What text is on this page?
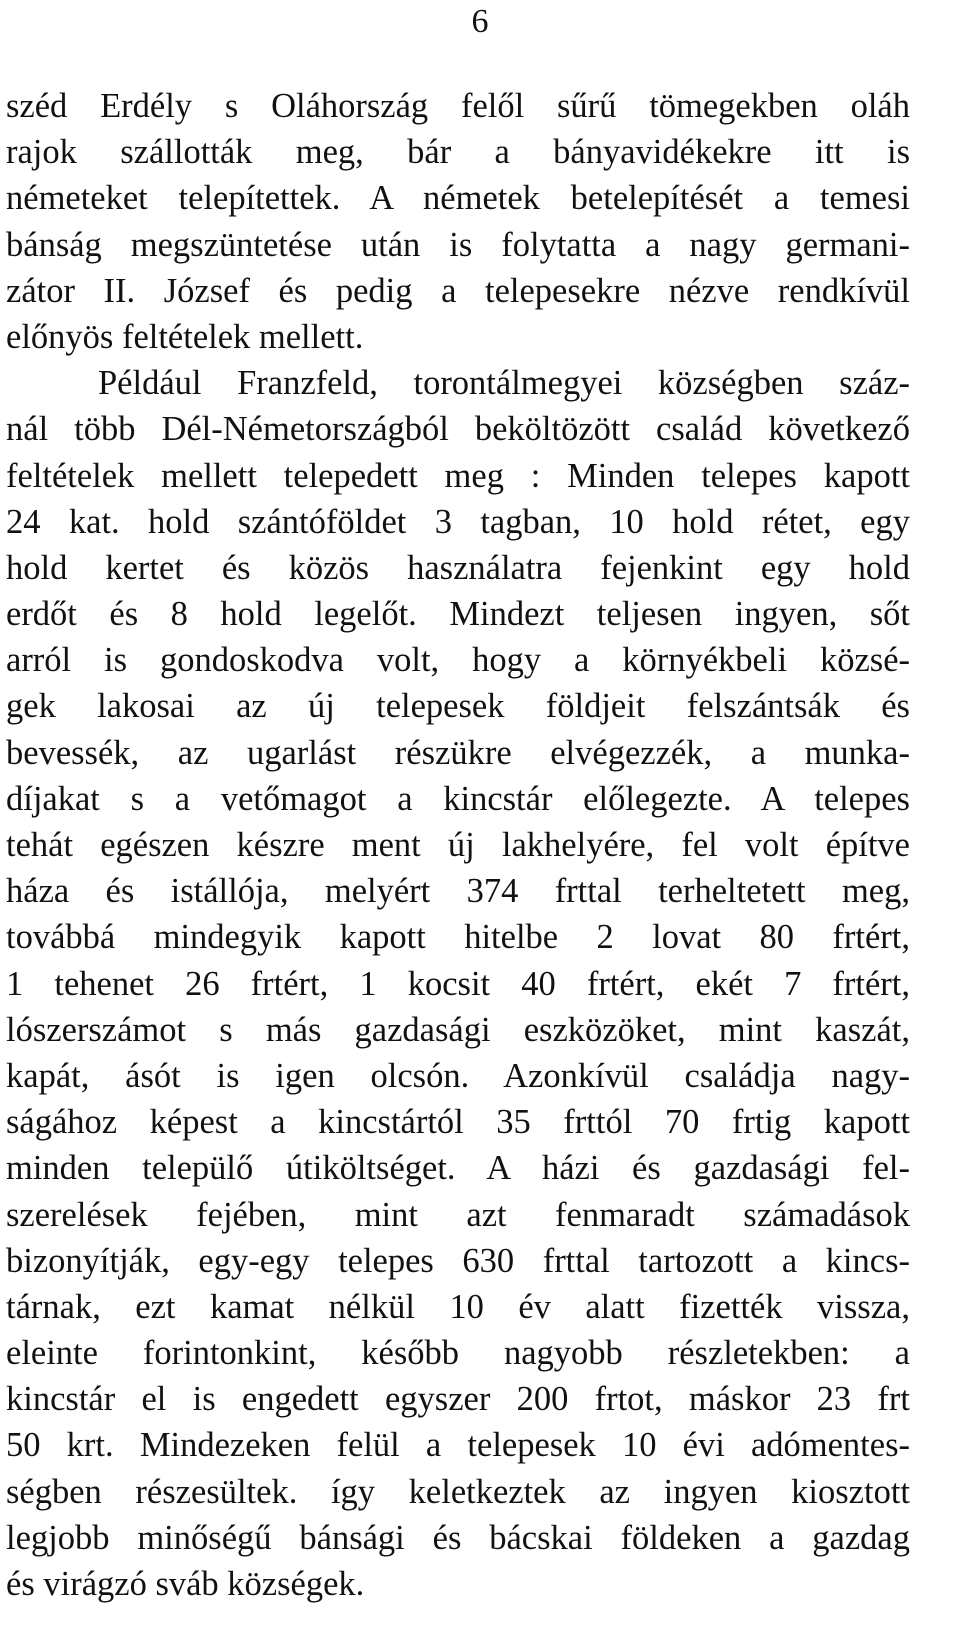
6
széd Erdély s Oláhország felől sűrű tömegekben oláh
rajok szállották meg, bár a bányavidékekre itt is
németeket telepítettek. A németek betelepítését a temesi
bánság megszüntetése után is folytatta a nagy germani-
zátor II. József és pedig a telepesekre nézve rendkívül
előnyös feltételek mellett.
Például Franzfeld, torontálmegyei községben száz-
nál több Dél-Németországból beköltözött család következő
feltételek mellett telepedett meg : Minden telepes kapott
24 kat. hold szántóföldet 3 tagban, 10 hold rétet, egy
hold kertet és közös használatra fejenkint egy hold
erdőt és 8 hold legelőt. Mindezt teljesen ingyen, sőt
arról is gondoskodva volt, hogy a környékbeli közsé-
gek lakosai az új telepesek földjeit felszántsák és
bevessék, az ugarlást részükre elvégezzék, a munka-
díjakat s a vetőmagot a kincstár előlegezte. A telepes
tehát egészen készre ment új lakhelyére, fel volt építve
háza és istállója, melyért 374 frttal terheltetett meg,
továbbá mindegyik kapott hitelbe 2 lovat 80 frtért,
1 tehenet 26 frtért, 1 kocsit 40 frtért, ekét 7 frtért,
lószerszámot s más gazdasági eszközöket, mint kaszát,
kapát, ásót is igen olcsón. Azonkívül családja nagy-
ságához képest a kincstártól 35 frttól 70 frtig kapott
minden települő útiköltséget. A házi és gazdasági fel-
szerelések fejében, mint azt fenmaradt számadások
bizonyítják, egy-egy telepes 630 frttal tartozott a kincs-
tárnak, ezt kamat nélkül 10 év alatt fizették vissza,
eleinte forintonkint, később nagyobb részletekben: a
kincstár el is engedett egyszer 200 frtot, máskor 23 frt
50 krt. Mindezeken felül a telepesek 10 évi adómentes-
ségben részesültek. így keletkeztek az ingyen kiosztott
legjobb minőségű bánsági és bácskai földeken a gazdag
és virágzó sváb községek.
